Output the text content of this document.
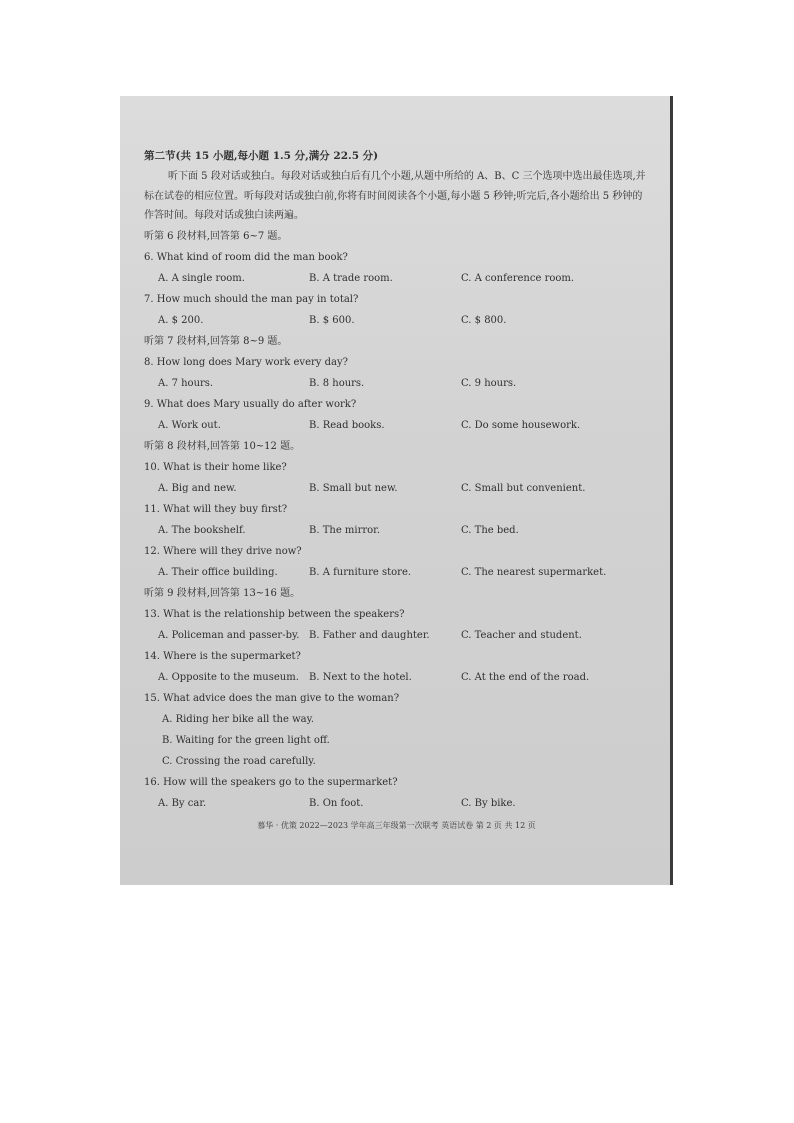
第二节(共 15 小题,每小题 1.5 分,满分 22.5 分)

听下面 5 段对话或独白。每段对话或独白后有几个小题,从题中所给的 A、B、C 三个选项中选出最佳选项,并标在试卷的相应位置。听每段对话或独白前,你将有时间阅读各个小题,每小题 5 秒钟;听完后,各小题给出 5 秒钟的作答时间。每段对话或独白读两遍。

听第 6 段材料,回答第 6~7 题。

6. What kind of room did the man book?

A. A single room.	B. A trade room.	C. A conference room.

7. How much should the man pay in total?

A. $ 200.	B. $ 600.	C. $ 800.

听第 7 段材料,回答第 8~9 题。

8. How long does Mary work every day?

A. 7 hours.	B. 8 hours.	C. 9 hours.

9. What does Mary usually do after work?

A. Work out.	B. Read books.	C. Do some housework.

听第 8 段材料,回答第 10~12 题。

10. What is their home like?

A. Big and new.	B. Small but new.	C. Small but convenient.

11. What will they buy first?

A. The bookshelf.	B. The mirror.	C. The bed.

12. Where will they drive now?

A. Their office building.	B. A furniture store.	C. The nearest supermarket.

听第 9 段材料,回答第 13~16 题。

13. What is the relationship between the speakers?

A. Policeman and passer-by. B. Father and daughter.	C. Teacher and student.

14. Where is the supermarket?

A. Opposite to the museum.	B. Next to the hotel.	C. At the end of the road.

15. What advice does the man give to the woman?

A. Riding her bike all the way.

B. Waiting for the green light off.

C. Crossing the road carefully.

16. How will the speakers go to the supermarket?

A. By car.	B. On foot.	C. By bike.
慕华 · 优策 2022—2023 学年高三年级第一次联考 英语试卷 第 2 页 共 12 页
